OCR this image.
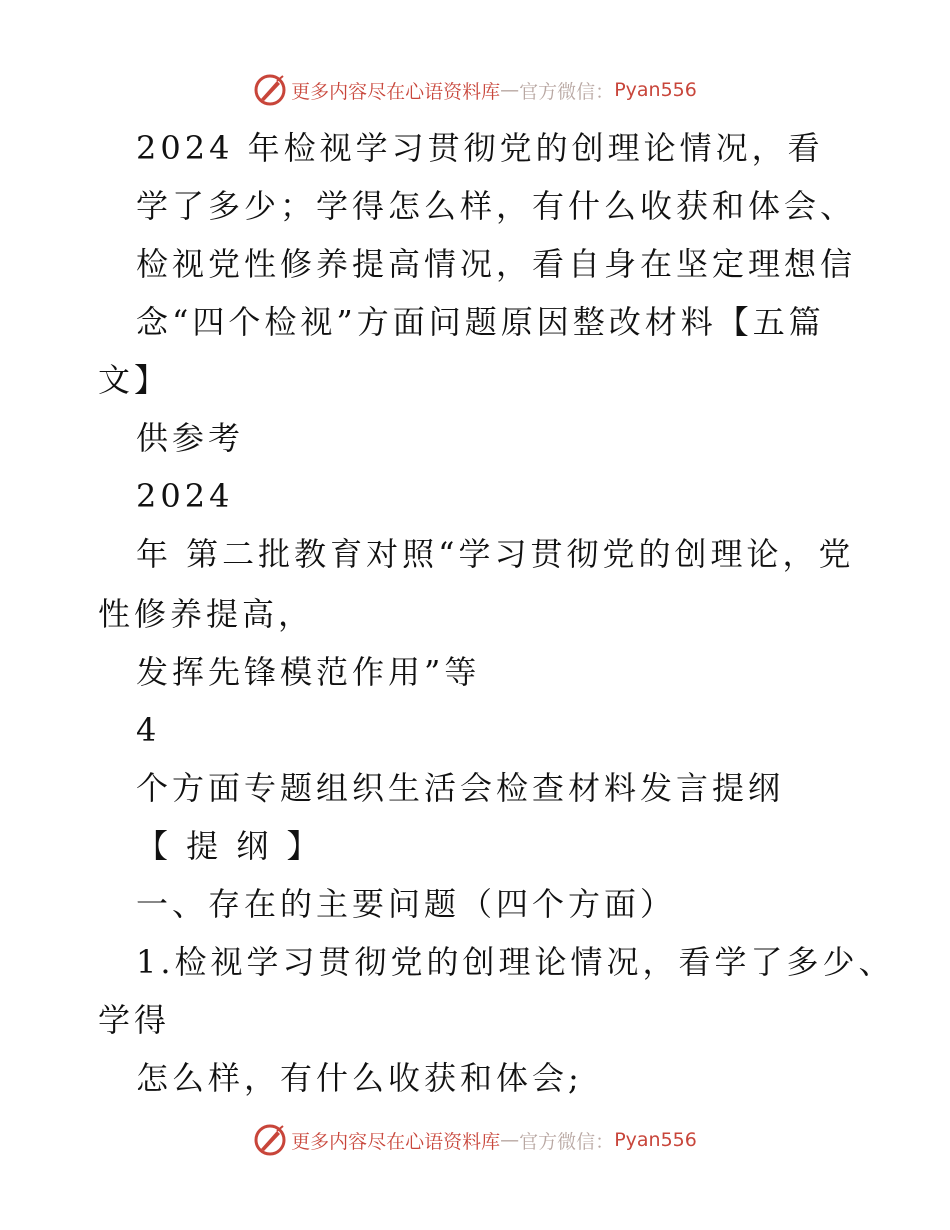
更多内容尽在心语资料库 — 官方微信： Pyan556
2024 年检视学习贯彻党的创理论情况，看
学了多少；学得怎么样，有什么收获和体会、
检视党性修养提高情况，看自身在坚定理想信
念“四个检视”方面问题原因整改材料【五篇
文】
供参考
2024
年 第二批教育对照“学习贯彻党的创理论，党
性修养提高，
发挥先锋模范作用”等
4
个方面专题组织生活会检查材料发言提纲
【 提 纲 】
一、存在的主要问题（四个方面）
1.检视学习贯彻党的创理论情况，看学了多少、
学得
怎么样，有什么收获和体会;
更多内容尽在心语资料库 — 官方微信： Pyan556
